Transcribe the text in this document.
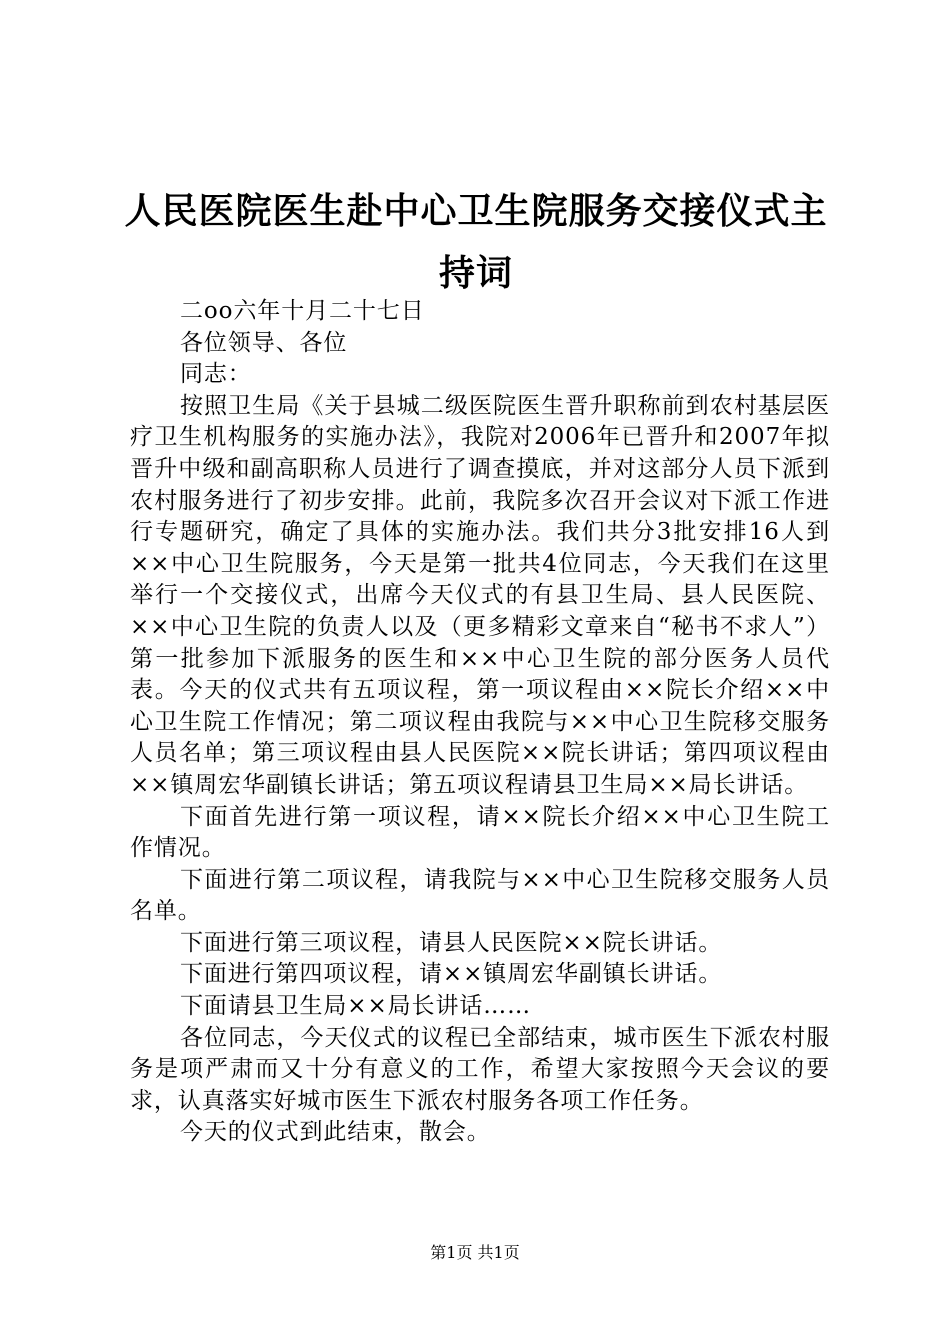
人民医院医生赴中心卫生院服务交接仪式主持词

二oo六年十月二十七日

各位领导、各位

同志：

按照卫生局《关于县城二级医院医生晋升职称前到农村基层医疗卫生机构服务的实施办法》，我院对2006年已晋升和2007年拟晋升中级和副高职称人员进行了调查摸底，并对这部分人员下派到农村服务进行了初步安排。此前，我院多次召开会议对下派工作进行专题研究，确定了具体的实施办法。我们共分3批安排16人到××中心卫生院服务，今天是第一批共4位同志，今天我们在这里举行一个交接仪式，出席今天仪式的有县卫生局、县人民医院、××中心卫生院的负责人以及（更多精彩文章来自“秘书不求人”）第一批参加下派服务的医生和××中心卫生院的部分医务人员代表。今天的仪式共有五项议程，第一项议程由××院长介绍××中心卫生院工作情况；第二项议程由我院与××中心卫生院移交服务人员名单；第三项议程由县人民医院××院长讲话；第四项议程由××镇周宏华副镇长讲话；第五项议程请县卫生局××局长讲话。

下面首先进行第一项议程，请××院长介绍××中心卫生院工作情况。

下面进行第二项议程，请我院与××中心卫生院移交服务人员名单。

下面进行第三项议程，请县人民医院××院长讲话。

下面进行第四项议程，请××镇周宏华副镇长讲话。

下面请县卫生局××局长讲话……

各位同志，今天仪式的议程已全部结束，城市医生下派农村服务是项严肃而又十分有意义的工作，希望大家按照今天会议的要求，认真落实好城市医生下派农村服务各项工作任务。

今天的仪式到此结束，散会。

第1页 共1页
